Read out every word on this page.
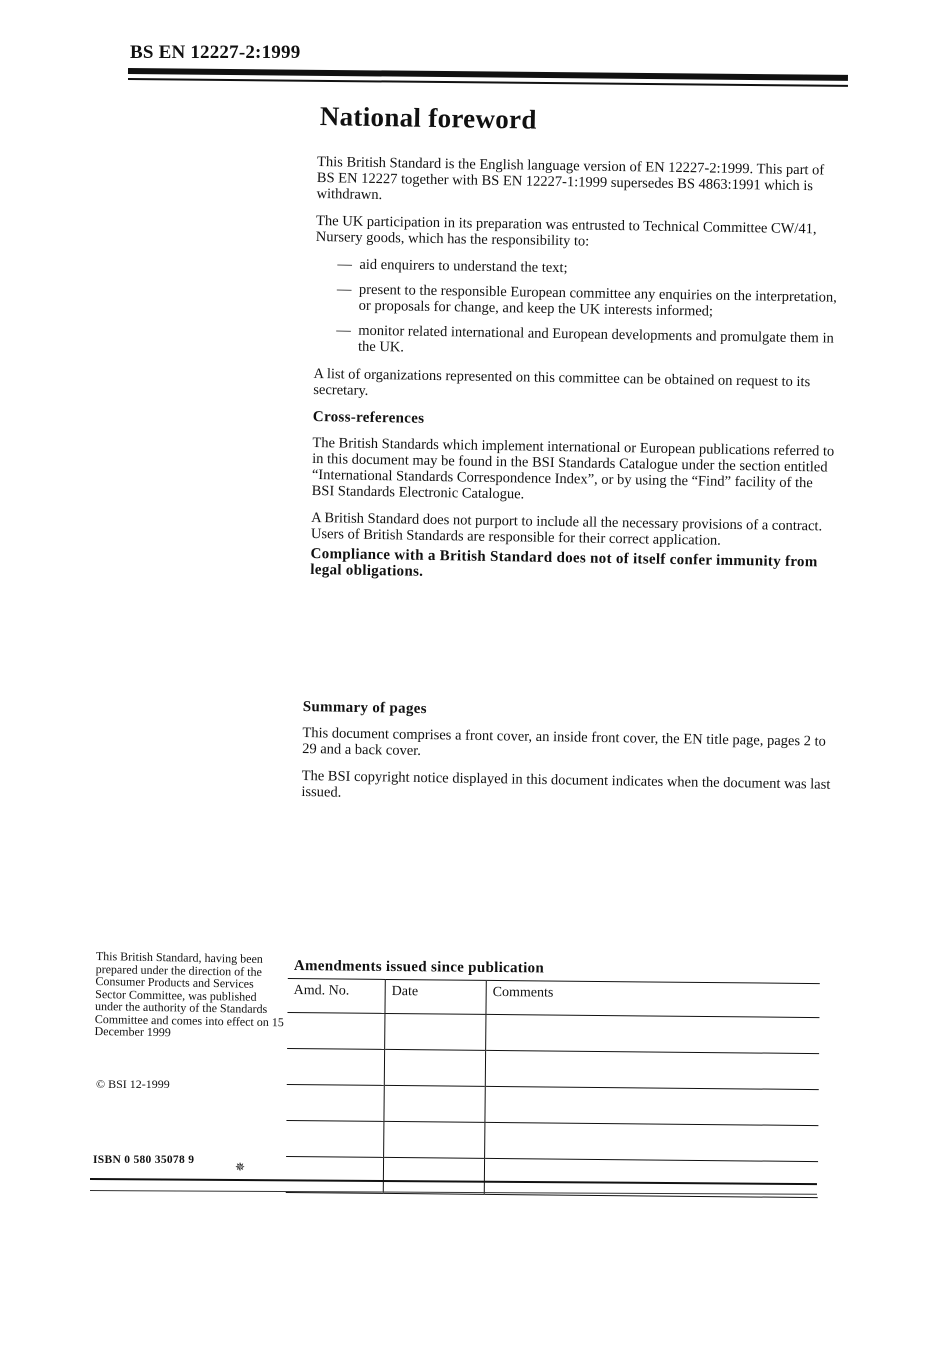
BS EN 12227-2:1999
National foreword

This British Standard is the English language version of EN 12227-2:1999. This part of BS EN 12227 together with BS EN 12227-1:1999 supersedes BS 4863:1991 which is withdrawn.

The UK participation in its preparation was entrusted to Technical Committee CW/41, Nursery goods, which has the responsibility to:

— aid enquirers to understand the text;
— present to the responsible European committee any enquiries on the interpretation, or proposals for change, and keep the UK interests informed;
— monitor related international and European developments and promulgate them in the UK.

A list of organizations represented on this committee can be obtained on request to its secretary.

Cross-references

The British Standards which implement international or European publications referred to in this document may be found in the BSI Standards Catalogue under the section entitled “International Standards Correspondence Index”, or by using the “Find” facility of the BSI Standards Electronic Catalogue.

A British Standard does not purport to include all the necessary provisions of a contract. Users of British Standards are responsible for their correct application.

Compliance with a British Standard does not of itself confer immunity from legal obligations.

Summary of pages

This document comprises a front cover, an inside front cover, the EN title page, pages 2 to 29 and a back cover.

The BSI copyright notice displayed in this document indicates when the document was last issued.

This British Standard, having been prepared under the direction of the Consumer Products and Services Sector Committee, was published under the authority of the Standards Committee and comes into effect on 15 December 1999
© BSI 12-1999
ISBN 0 580 35078 9	✵
Amendments issued since publication
Amd. No.	Date	Comments
